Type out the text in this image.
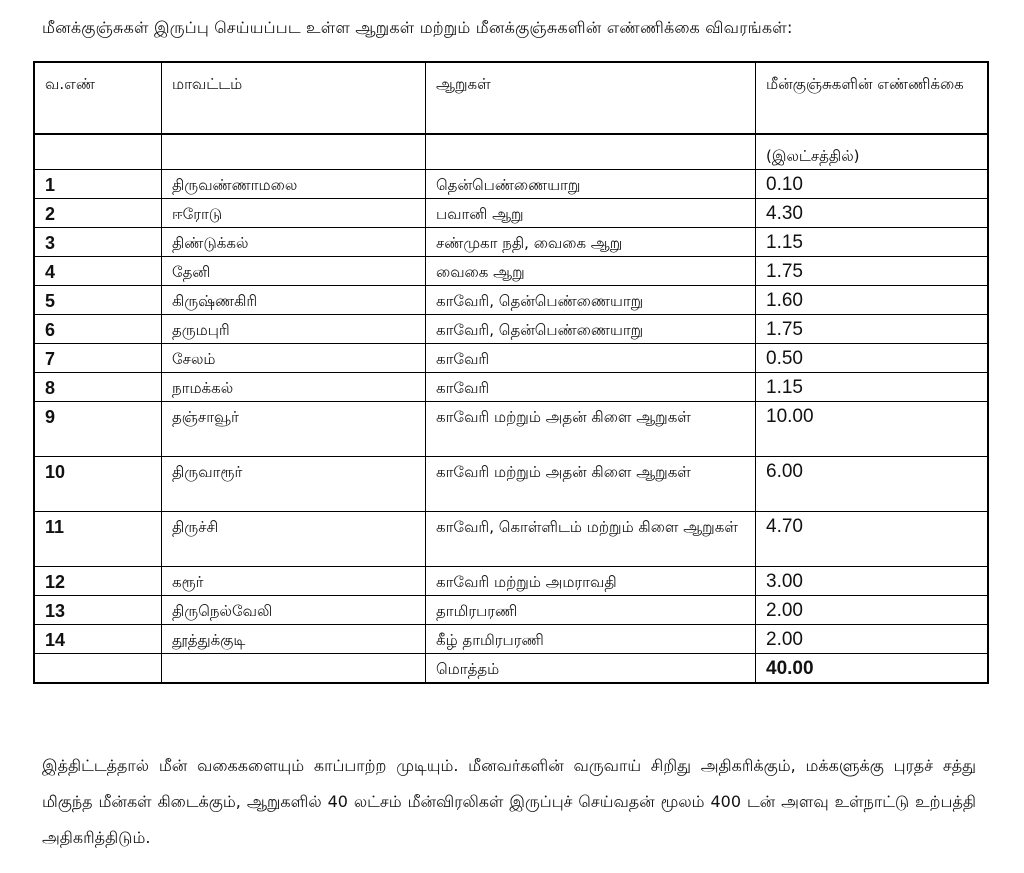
மீனக்குஞ்சுகள் இருப்பு செய்யப்பட உள்ள ஆறுகள் மற்றும் மீனக்குஞ்சுகளின் எண்ணிக்கை விவரங்கள்:
வ.எண்	மாவட்டம்	ஆறுகள்	மீன்குஞ்சுகளின் எண்ணிக்கை
			(இலட்சத்தில்)
1	திருவண்ணாமலை	தென்பெண்ணையாறு	0.10
2	ஈரோடு	பவானி ஆறு	4.30
3	திண்டுக்கல்	சண்முகா நதி, வைகை ஆறு	1.15
4	தேனி	வைகை ஆறு	1.75
5	கிருஷ்ணகிரி	காவேரி, தென்பெண்ணையாறு	1.60
6	தருமபுரி	காவேரி, தென்பெண்ணையாறு	1.75
7	சேலம்	காவேரி	0.50
8	நாமக்கல்	காவேரி	1.15
9	தஞ்சாவூர்	காவேரி மற்றும் அதன் கிளை ஆறுகள்	10.00
10	திருவாரூர்	காவேரி மற்றும் அதன் கிளை ஆறுகள்	6.00
11	திருச்சி	காவேரி, கொள்ளிடம் மற்றும் கிளை ஆறுகள்	4.70
12	கரூர்	காவேரி மற்றும் அமராவதி	3.00
13	திருநெல்வேலி	தாமிரபரணி	2.00
14	தூத்துக்குடி	கீழ் தாமிரபரணி	2.00
		மொத்தம்	40.00
இத்திட்டத்தால் மீன் வகைகளையும் காப்பாற்ற முடியும். மீனவர்களின் வருவாய் சிறிது அதிகரிக்கும், மக்களுக்கு புரதச் சத்து மிகுந்த மீன்கள் கிடைக்கும், ஆறுகளில் 40 லட்சம் மீன்விரலிகள் இருப்புச் செய்வதன் மூலம் 400 டன் அளவு உள்நாட்டு உற்பத்தி அதிகரித்திடும்.
